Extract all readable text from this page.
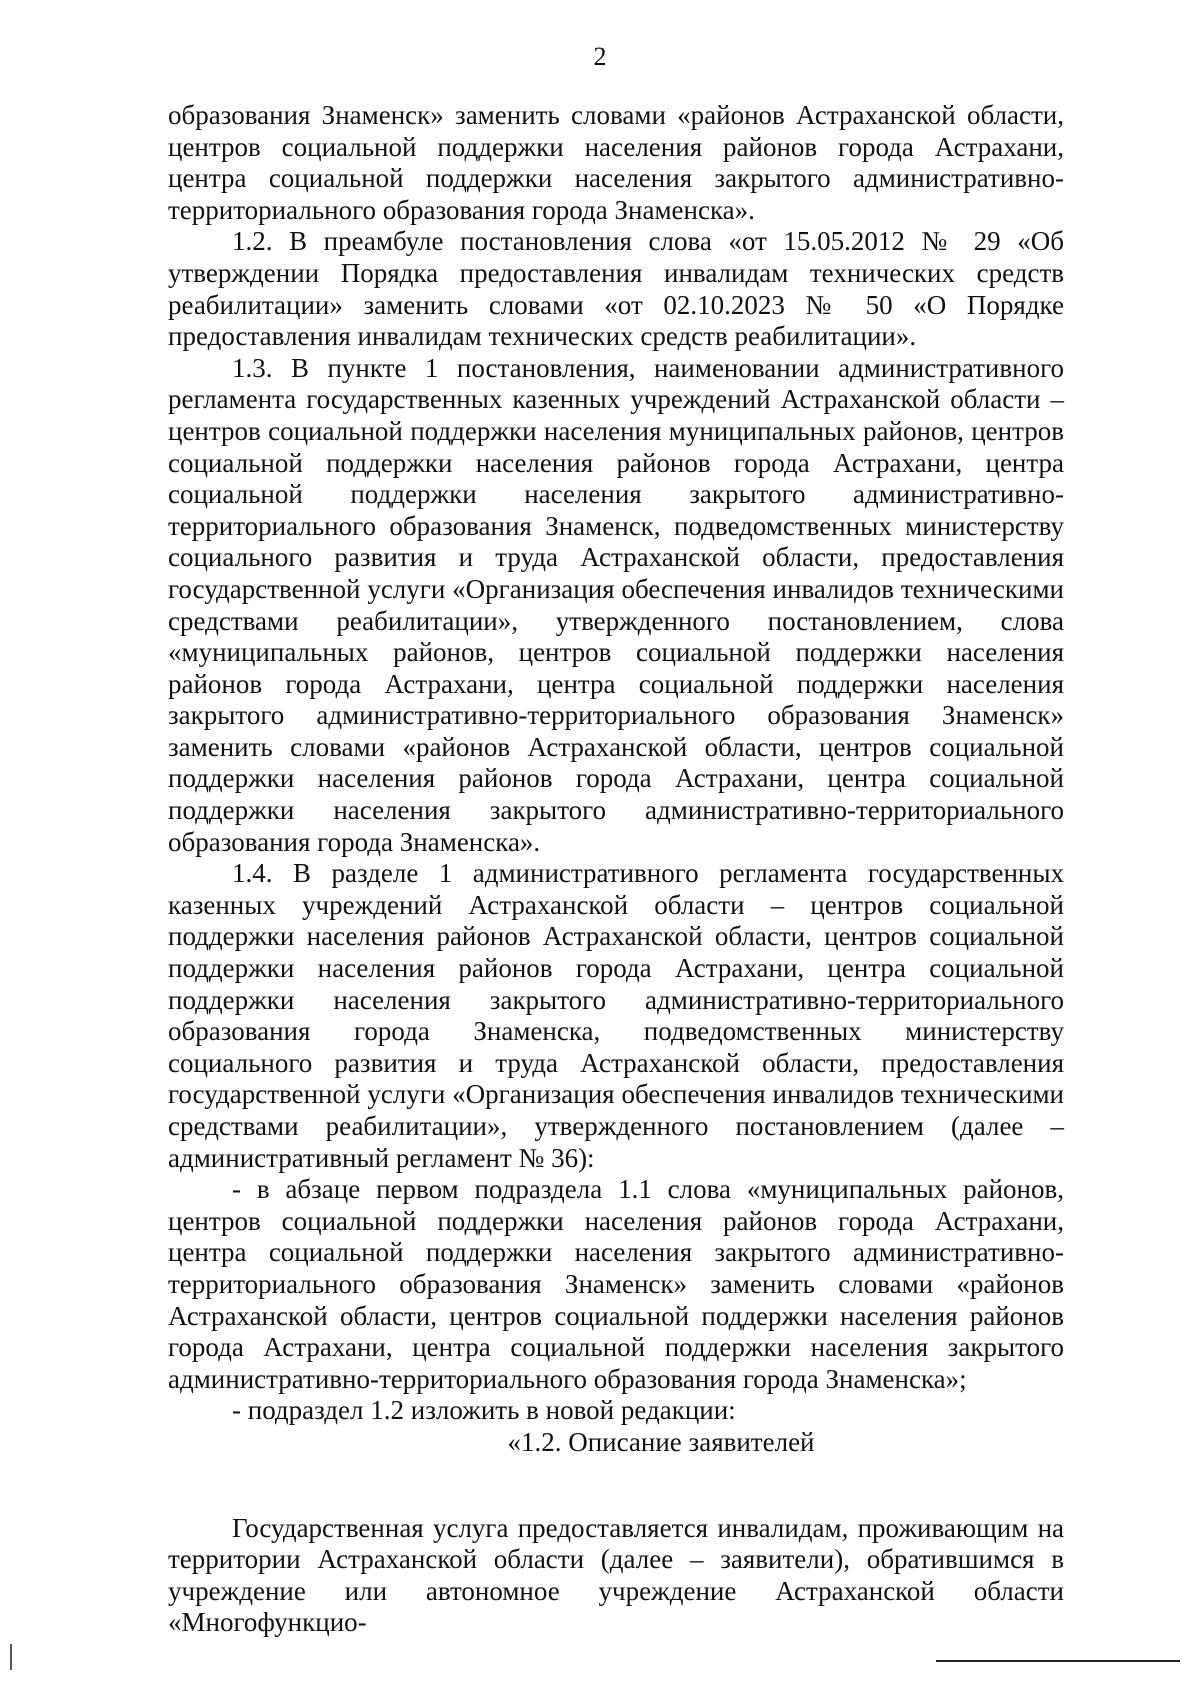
2

образования Знаменск» заменить словами «районов Астраханской области, центров социальной поддержки населения районов города Астрахани, центра социальной поддержки населения закрытого административно-территориального образования города Знаменска».

1.2. В преамбуле постановления слова «от 15.05.2012 № 29 «Об утверждении Порядка предоставления инвалидам технических средств реабилитации» заменить словами «от 02.10.2023 № 50 «О Порядке предоставления инвалидам технических средств реабилитации».

1.3. В пункте 1 постановления, наименовании административного регламента государственных казенных учреждений Астраханской области – центров социальной поддержки населения муниципальных районов, центров социальной поддержки населения районов города Астрахани, центра социальной поддержки населения закрытого административно-территориального образования Знаменск, подведомственных министерству социального развития и труда Астраханской области, предоставления государственной услуги «Организация обеспечения инвалидов техническими средствами реабилитации», утвержденного постановлением, слова «муниципальных районов, центров социальной поддержки населения районов города Астрахани, центра социальной поддержки населения закрытого административно-территориального образования Знаменск» заменить словами «районов Астраханской области, центров социальной поддержки населения районов города Астрахани, центра социальной поддержки населения закрытого административно-территориального образования города Знаменска».

1.4. В разделе 1 административного регламента государственных казенных учреждений Астраханской области – центров социальной поддержки населения районов Астраханской области, центров социальной поддержки населения районов города Астрахани, центра социальной поддержки населения закрытого административно-территориального образования города Знаменска, подведомственных министерству социального развития и труда Астраханской области, предоставления государственной услуги «Организация обеспечения инвалидов техническими средствами реабилитации», утвержденного постановлением (далее – административный регламент № 36):

- в абзаце первом подраздела 1.1 слова «муниципальных районов, центров социальной поддержки населения районов города Астрахани, центра социальной поддержки населения закрытого административно-территориального образования Знаменск» заменить словами «районов Астраханской области, центров социальной поддержки населения районов города Астрахани, центра социальной поддержки населения закрытого административно-территориального образования города Знаменска»;

- подраздел 1.2 изложить в новой редакции:

«1.2. Описание заявителей

Государственная услуга предоставляется инвалидам, проживающим на территории Астраханской области (далее – заявители), обратившимся в учреждение или автономное учреждение Астраханской области «Многофункцио-
